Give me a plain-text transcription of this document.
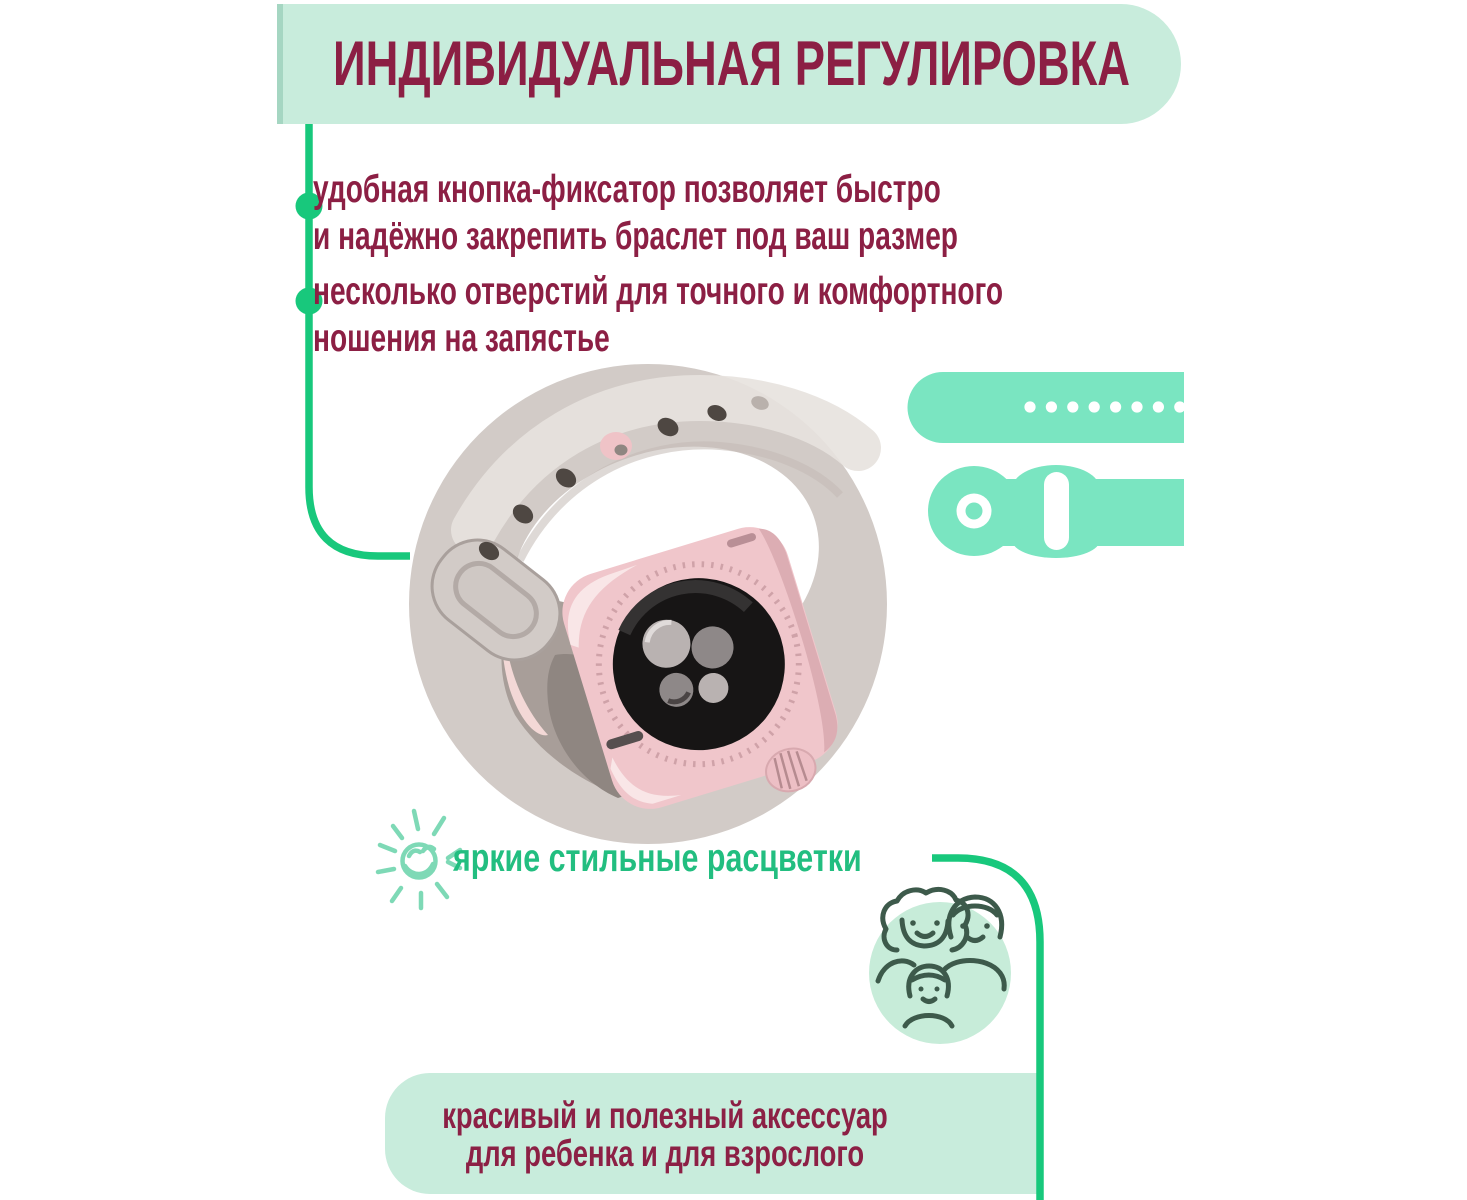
ИНДИВИДУАЛЬНАЯ РЕГУЛИРОВКА
удобная кнопка-фиксатор позволяет быстро
и надёжно закрепить браслет под ваш размер
несколько отверстий для точного и комфортного
ношения на запястье
яркие стильные расцветки
красивый и полезный аксессуар
для ребенка и для взрослого
